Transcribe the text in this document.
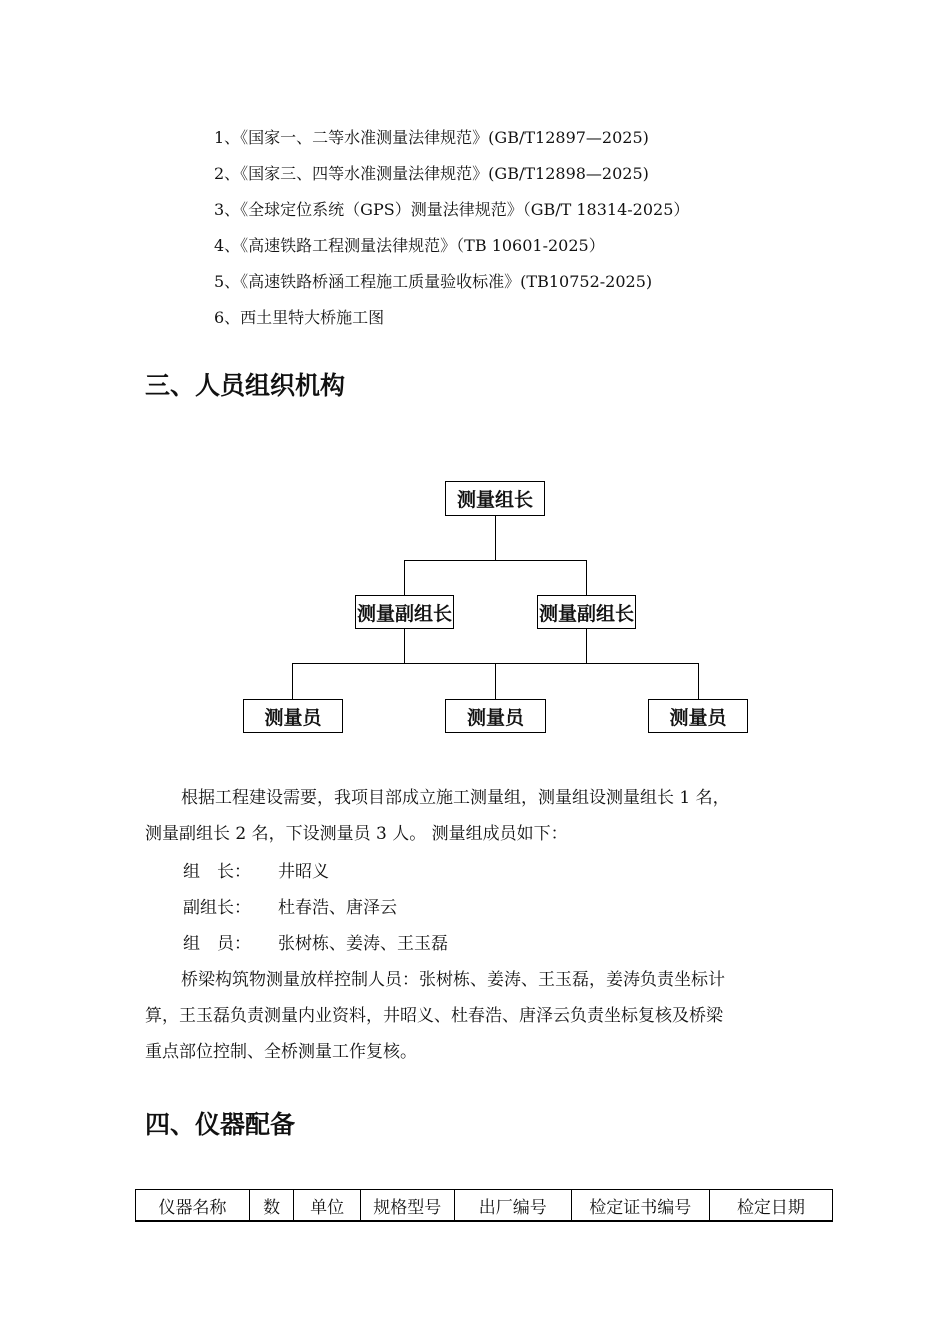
1、《国家一、二等水准测量法律规范》(GB/T12897—2025)
2、《国家三、四等水准测量法律规范》(GB/T12898—2025)
3、《全球定位系统（GPS）测量法律规范》（GB/T 18314-2025）
4、《高速铁路工程测量法律规范》（TB 10601-2025）
5、《高速铁路桥涵工程施工质量验收标准》(TB10752-2025)
6、西土里特大桥施工图
三、人员组织机构
测量组长
测量副组长	测量副组长
测量员	测量员	测量员
根据工程建设需要，我项目部成立施工测量组，测量组设测量组长 1 名，
测量副组长 2 名，下设测量员 3 人。 测量组成员如下：
组　长： 井昭义
副组长： 杜春浩、唐泽云
组　员： 张树栋、姜涛、王玉磊
桥梁构筑物测量放样控制人员：张树栋、姜涛、王玉磊，姜涛负责坐标计
算，王玉磊负责测量内业资料，井昭义、杜春浩、唐泽云负责坐标复核及桥梁
重点部位控制、全桥测量工作复核。
四、仪器配备
仪器名称	数	单位	规格型号	出厂编号	检定证书编号	检定日期
